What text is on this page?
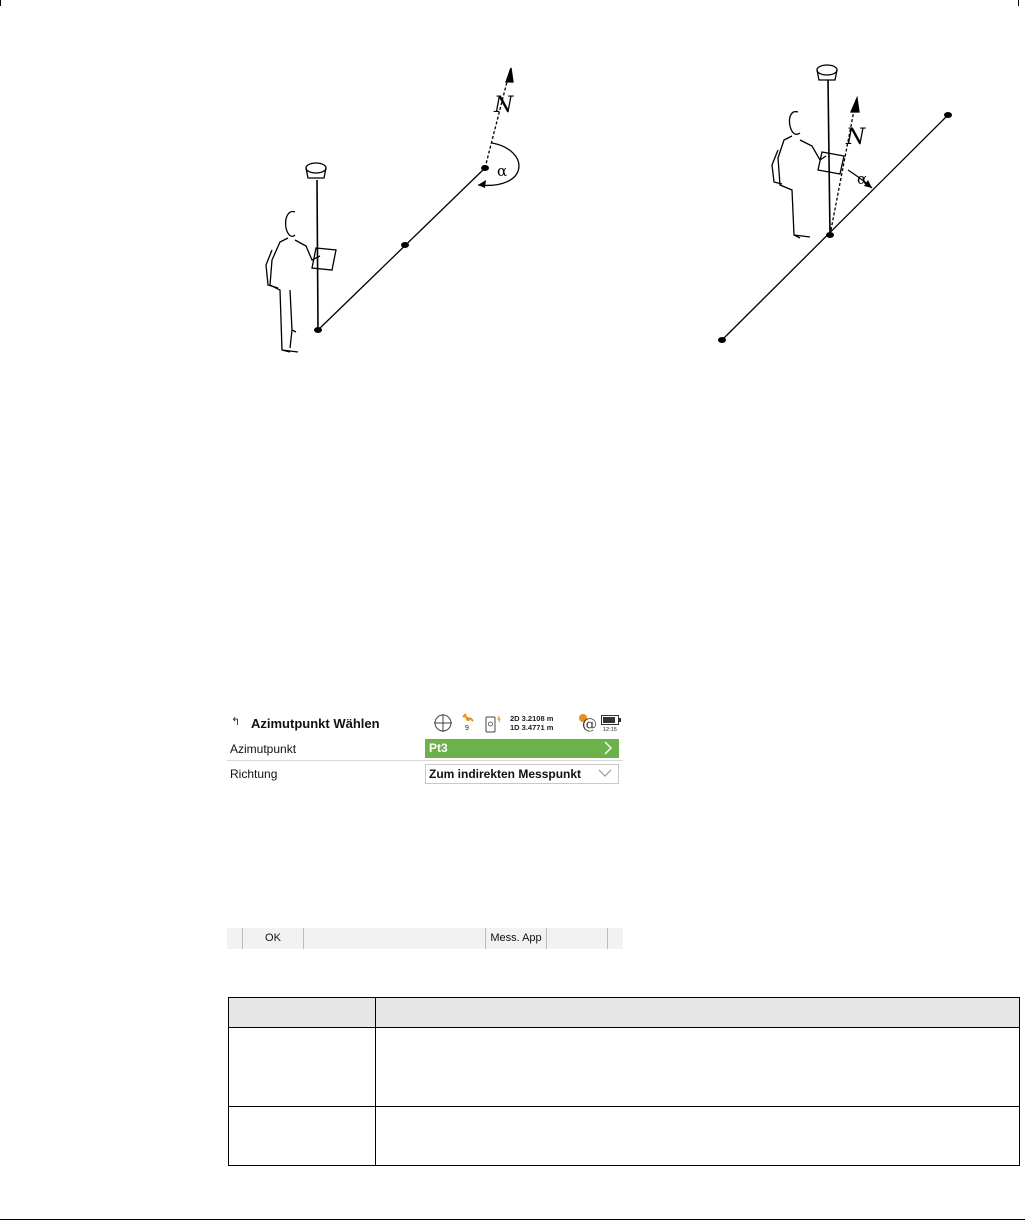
N
α
N
α
↰ Azimutpunkt Wählen	9
2D 3.2108 m
1D 3.4771 m @ 12:15
Azimutpunkt	Pt3
Richtung	Zum indirekten Messpunkt
OK	Mess. App
